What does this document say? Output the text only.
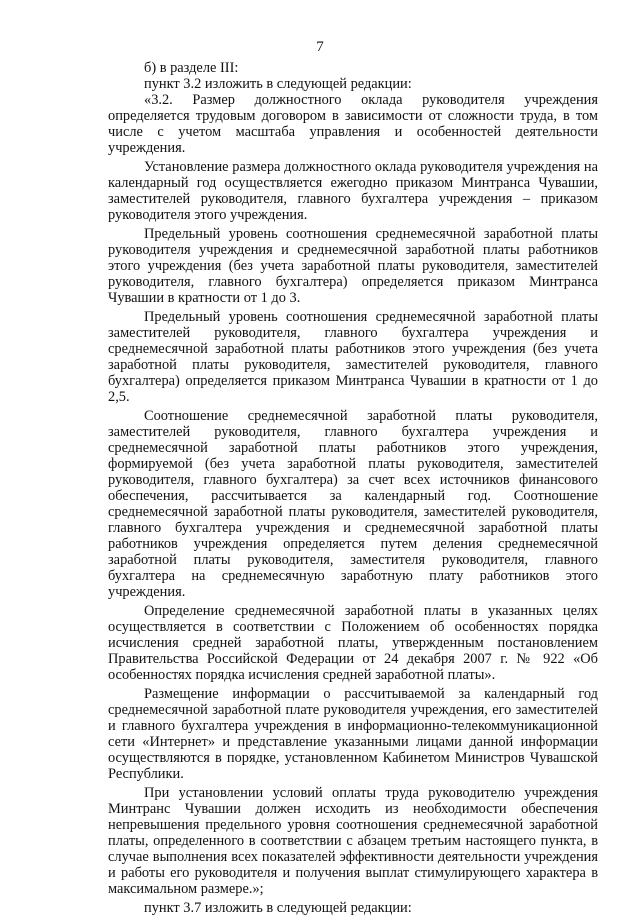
7

б) в разделе III:

пункт 3.2 изложить в следующей редакции:

«3.2. Размер должностного оклада руководителя учреждения определяется трудовым договором в зависимости от сложности труда, в том числе с учетом масштаба управления и особенностей деятельности учреждения.

Установление размера должностного оклада руководителя учреждения на календарный год осуществляется ежегодно приказом Минтранса Чувашии, заместителей руководителя, главного бухгалтера учреждения – приказом руководителя этого учреждения.

Предельный уровень соотношения среднемесячной заработной платы руководителя учреждения и среднемесячной заработной платы работников этого учреждения (без учета заработной платы руководителя, заместителей руководителя, главного бухгалтера) определяется приказом Минтранса Чувашии в кратности от 1 до 3.

Предельный уровень соотношения среднемесячной заработной платы заместителей руководителя, главного бухгалтера учреждения и среднемесячной заработной платы работников этого учреждения (без учета заработной платы руководителя, заместителей руководителя, главного бухгалтера) определяется приказом Минтранса Чувашии в кратности от 1 до 2,5.

Соотношение среднемесячной заработной платы руководителя, заместителей руководителя, главного бухгалтера учреждения и среднемесячной заработной платы работников этого учреждения, формируемой (без учета заработной платы руководителя, заместителей руководителя, главного бухгалтера) за счет всех источников финансового обеспечения, рассчитывается за календарный год. Соотношение среднемесячной заработной платы руководителя, заместителей руководителя, главного бухгалтера учреждения и среднемесячной заработной платы работников учреждения определяется путем деления среднемесячной заработной платы руководителя, заместителя руководителя, главного бухгалтера на среднемесячную заработную плату работников этого учреждения.

Определение среднемесячной заработной платы в указанных целях осуществляется в соответствии с Положением об особенностях порядка исчисления средней заработной платы, утвержденным постановлением Правительства Российской Федерации от 24 декабря 2007 г. № 922 «Об особенностях порядка исчисления средней заработной платы».

Размещение информации о рассчитываемой за календарный год среднемесячной заработной плате руководителя учреждения, его заместителей и главного бухгалтера учреждения в информационно-телекоммуникационной сети «Интернет» и представление указанными лицами данной информации осуществляются в порядке, установленном Кабинетом Министров Чувашской Республики.

При установлении условий оплаты труда руководителю учреждения Минтранс Чувашии должен исходить из необходимости обеспечения непревышения предельного уровня соотношения среднемесячной заработной платы, определенного в соответствии с абзацем третьим настоящего пункта, в случае выполнения всех показателей эффективности деятельности учреждения и работы его руководителя и получения выплат стимулирующего характера в максимальном размере.»;

пункт 3.7 изложить в следующей редакции:
